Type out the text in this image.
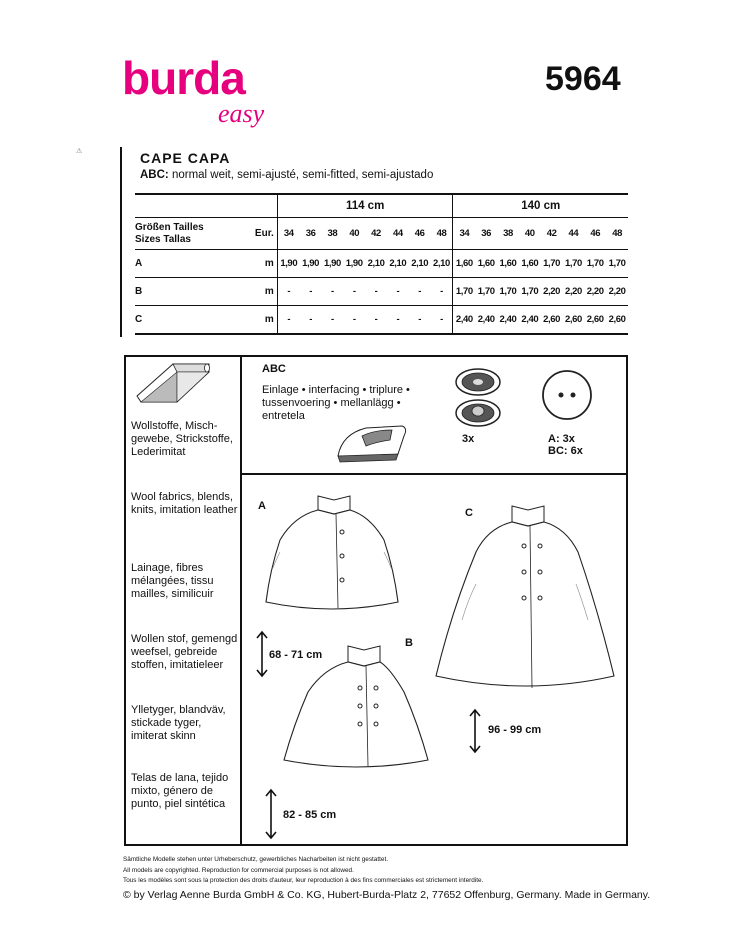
burda
easy
5964
⚠	CAPE CAPA
ABC: normal weit, semi-ajusté, semi-fitted, semi-ajustado
		114 cm								140 cm							

Größen Tailles
Sizes Tallas	Eur.	34	36	38	40	42	44	46	48	34	36	38	40	42	44	46	48
A	m	1,90	1,90	1,90	1,90	2,10	2,10	2,10	2,10	1,60	1,60	1,60	1,60	1,70	1,70	1,70	1,70
B	m	-	-	-	-	-	-	-	-	1,70	1,70	1,70	1,70	2,20	2,20	2,20	2,20
C	m	-	-	-	-	-	-	-	-	2,40	2,40	2,40	2,40	2,60	2,60	2,60	2,60
Wollstoffe, Misch-gewebe, Strickstoffe, Lederimitat
Wool fabrics, blends, knits, imitation leather
Lainage, fibres mélangées, tissu mailles, similicuir
Wollen stof, gemengd weefsel, gebreide stoffen, imitatieleer
Ylletyger, blandväv, stickade tyger, imiterat skinn
Telas de lana, tejido mixto, género de punto, piel sintética
ABC
Einlage • interfacing • triplure • tussenvoering • mellanlägg • entretela
3x	A: 3x
BC: 6x
A
C
B
68 - 71 cm
82 - 85 cm
96 - 99 cm
Sämtliche Modelle stehen unter Urheberschutz, gewerbliches Nacharbeiten ist nicht gestattet.
All models are copyrighted. Reproduction for commercial purposes is not allowed.
Tous les modèles sont sous la protection des droits d'auteur, leur reproduction à des fins commerciales est strictement interdite.
© by Verlag Aenne Burda GmbH & Co. KG, Hubert-Burda-Platz 2, 77652 Offenburg, Germany. Made in Germany.
